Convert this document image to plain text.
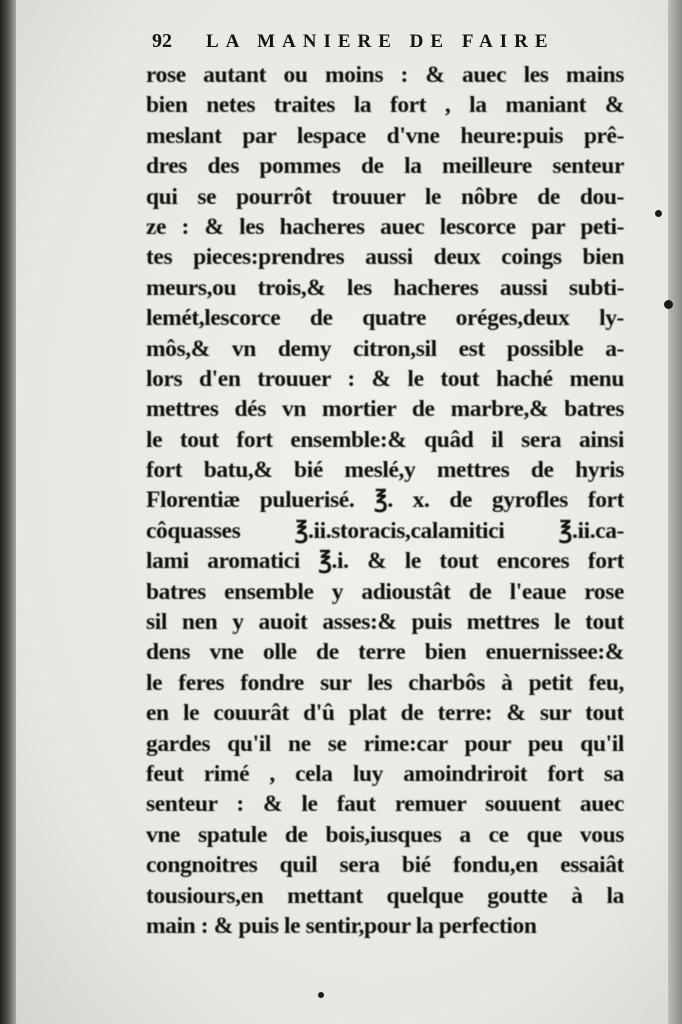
92 LA MANIERE DE FAIRE
rose autant ou moins : & auec les mains
bien netes traites la fort , la maniant &
meslant par lespace d'vne heure:puis prê-
dres des pommes de la meilleure senteur
qui se pourrôt trouuer le nôbre de dou-
ze : & les hacheres auec lescorce par peti-
tes pieces:prendres aussi deux coings bien
meurs,ou trois,& les hacheres aussi subti-
lemét,lescorce de quatre oréges,deux ly-
môs,& vn demy citron,sil est possible a-
lors d'en trouuer : & le tout haché menu
mettres dés vn mortier de marbre,& batres
le tout fort ensemble:& quâd il sera ainsi
fort batu,& bié meslé,y mettres de hyris
Florentiæ puluerisé. ℥. x. de gyrofles fort
côquasses ℥.ii.storacis,calamitici ℥.ii.ca-
lami aromatici ℥.i. & le tout encores fort
batres ensemble y adioustât de l'eaue rose
sil nen y auoit asses:& puis mettres le tout
dens vne olle de terre bien enuernissee:&
le feres fondre sur les charbôs à petit feu,
en le couurât d'û plat de terre: & sur tout
gardes qu'il ne se rime:car pour peu qu'il
feut rimé , cela luy amoindriroit fort sa
senteur : & le faut remuer souuent auec
vne spatule de bois,iusques a ce que vous
congnoitres quil sera bié fondu,en essaiât
tousiours,en mettant quelque goutte à la
main : & puis le sentir,pour la perfection
